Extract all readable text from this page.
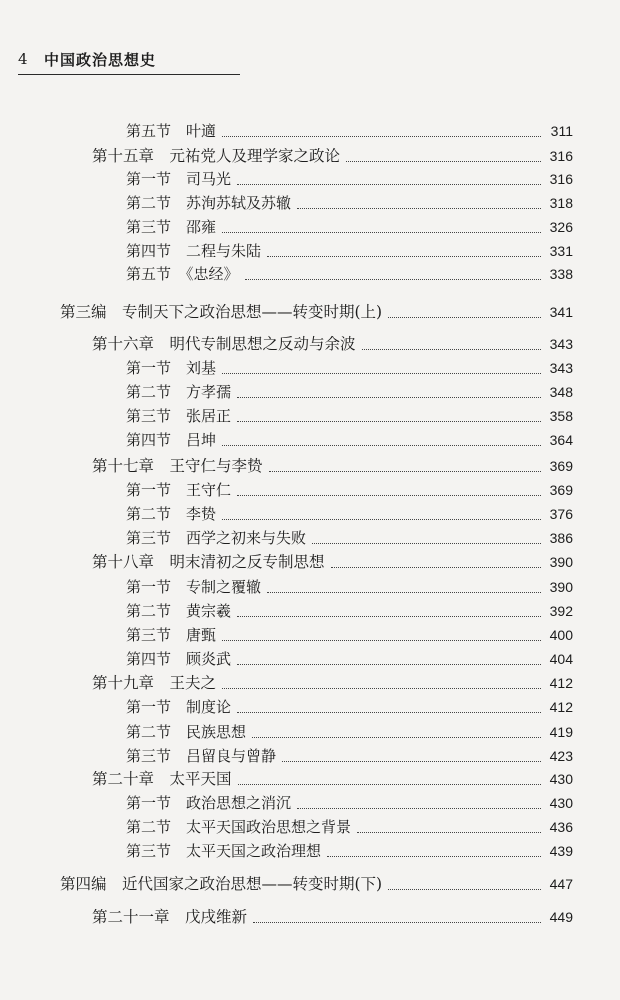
4 中国政治思想史
第五节　叶適	311
第十五章　元祐党人及理学家之政论	316
第一节　司马光	316
第二节　苏洵苏轼及苏辙	318
第三节　邵雍	326
第四节　二程与朱陆	331
第五节　《忠经》	338
第三编　专制天下之政治思想——转变时期(上)	341
第十六章　明代专制思想之反动与余波	343
第一节　刘基	343
第二节　方孝孺	348
第三节　张居正	358
第四节　吕坤	364
第十七章　王守仁与李贽	369
第一节　王守仁	369
第二节　李贽	376
第三节　西学之初来与失败	386
第十八章　明末清初之反专制思想	390
第一节　专制之覆辙	390
第二节　黄宗羲	392
第三节　唐甄	400
第四节　顾炎武	404
第十九章　王夫之	412
第一节　制度论	412
第二节　民族思想	419
第三节　吕留良与曾静	423
第二十章　太平天国	430
第一节　政治思想之消沉	430
第二节　太平天国政治思想之背景	436
第三节　太平天国之政治理想	439
第四编　近代国家之政治思想——转变时期(下)	447
第二十一章　戊戌维新	449
